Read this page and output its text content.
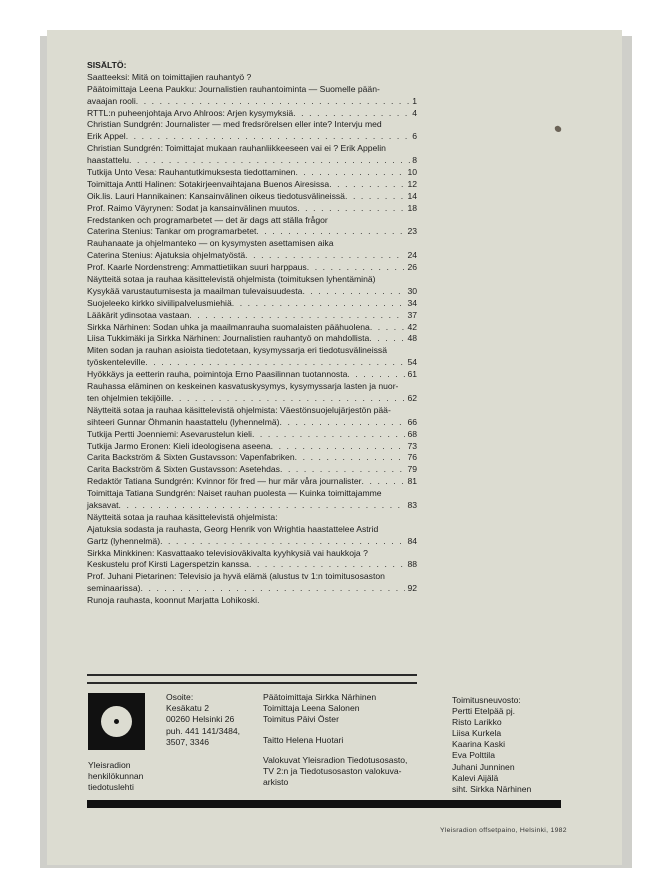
SISÄLTÖ:
Saatteeksi: Mitä on toimittajien rauhantyö ?
Päätoimittaja Leena Paukku: Journalistien rauhantoiminta — Suomelle pään-
avaajan rooli . . .	1
RTTL:n puheenjohtaja Arvo Ahlroos: Arjen kysymyksiä . . .	4
Christian Sundgrén: Journalister — med fredsrörelsen eller inte? Intervju med
Erik Appel . . .	6
Christian Sundgrén: Toimittajat mukaan rauhanliikkeeseen vai ei ? Erik Appelin
haastattelu . . .	8
Tutkija Unto Vesa: Rauhantutkimuksesta tiedottaminen . . .	10
Toimittaja Antti Halinen: Sotakirjeenvaihtajana Buenos Airesissa . . .	12
Oik.lis. Lauri Hannikainen: Kansainvälinen oikeus tiedotusvälineissä . . .	14
Prof. Raimo Väyrynen: Sodat ja kansainvälinen muutos . . .	18
Fredstanken och programarbetet — det är dags att ställa frågor
Caterina Stenius: Tankar om programarbetet . . .	23
Rauhanaate ja ohjelmanteko — on kysymysten asettamisen aika
Caterina Stenius: Ajatuksia ohjelmatyöstä . . .	24
Prof. Kaarle Nordenstreng: Ammattietiikan suuri harppaus . . .	26
Näytteitä sotaa ja rauhaa käsittelevistä ohjelmista (toimituksen lyhentäminä)
Kysykää varustautumisesta ja maailman tulevaisuudesta . . .	30
Suojeleeko kirkko siviilipalvelusmiehiä . . .	34
Lääkärit ydinsotaa vastaan . . .	37
Sirkka Närhinen: Sodan uhka ja maailmanrauha suomalaisten päähuolena . . .	42
Liisa Tukkimäki ja Sirkka Närhinen: Journalistien rauhantyö on mahdollista . . .	48
Miten sodan ja rauhan asioista tiedotetaan, kysymyssarja eri tiedotusvälineissä
työskenteleville . . .	54
Hyökkäys ja eetterin rauha, poimintoja Erno Paasilinnan tuotannosta . . .	61
Rauhassa eläminen on keskeinen kasvatuskysymys, kysymyssarja lasten ja nuor-
ten ohjelmien tekijöille . . .	62
Näytteitä sotaa ja rauhaa käsittelevistä ohjelmista: Väestönsuojelujärjestön pää-
sihteeri Gunnar Öhmanin haastattelu (lyhennelmä) . . .	66
Tutkija Pertti Joenniemi: Asevarustelun kieli . . .	68
Tutkija Jarmo Eronen: Kieli ideologisena aseena . . .	73
Carita Backström & Sixten Gustavsson: Vapenfabriken . . .	76
Carita Backström & Sixten Gustavsson: Asetehdas . . .	79
Redaktör Tatiana Sundgrén: Kvinnor för fred — hur mär våra journalister . . .	81
Toimittaja Tatiana Sundgrén: Naiset rauhan puolesta — Kuinka toimittajamme
jaksavat . . .	83
Näytteitä sotaa ja rauhaa käsittelevistä ohjelmista:
Ajatuksia sodasta ja rauhasta, Georg Henrik von Wrightia haastattelee Astrid
Gartz (lyhennelmä) . . .	84
Sirkka Minkkinen: Kasvattaako televisioväkivalta kyyhkysiä vai haukkoja ?
Keskustelu prof Kirsti Lagerspetzin kanssa . . .	88
Prof. Juhani Pietarinen: Televisio ja hyvä elämä (alustus tv 1:n toimitusosaston
seminaarissa) . . .	92
Runoja rauhasta, koonnut Marjatta Lohikoski.
Yleisradion
henkilökunnan
tiedotuslehti
Osoite:
Kesäkatu 2
00260 Helsinki 26
puh. 441 141/3484,
3507, 3346
Päätoimittaja Sirkka Närhinen
Toimittaja Leena Salonen
Toimitus Päivi Öster
Taitto Helena Huotari
Valokuvat Yleisradion Tiedotusosasto,
TV 2:n ja Tiedotusosaston valokuva-
arkisto
Toimitusneuvosto:
Pertti Etelpää pj.
Risto Larikko
Liisa Kurkela
Kaarina Kaski
Eva Polttila
Juhani Junninen
Kalevi Aijälä
siht. Sirkka Närhinen
Yleisradion offsetpaino, Helsinki, 1982
